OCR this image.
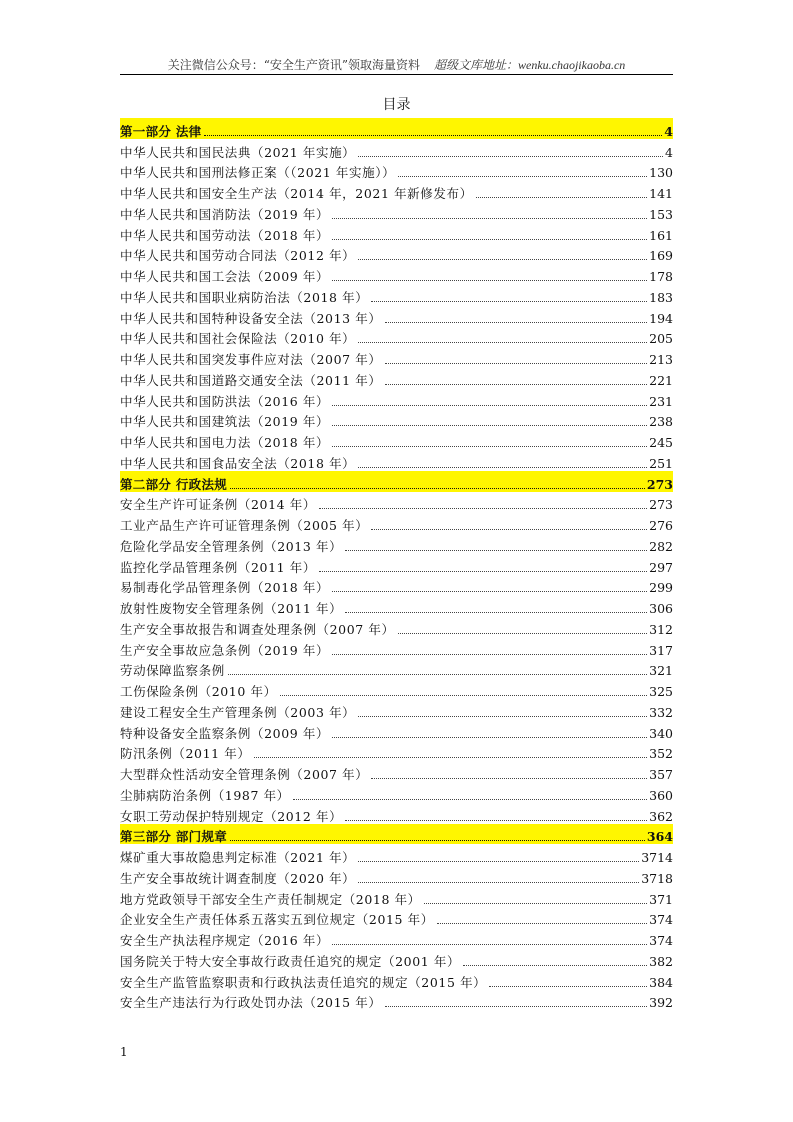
关注微信公众号：“安全生产资讯”领取海量资料 超级文库地址：wenku.chaojikaoba.cn
目录
第一部分 法律	4
中华人民共和国民法典（2021 年实施）	4
中华人民共和国刑法修正案（（2021 年实施））	130
中华人民共和国安全生产法（2014 年，2021 年新修发布）	141
中华人民共和国消防法（2019 年）	153
中华人民共和国劳动法（2018 年）	161
中华人民共和国劳动合同法（2012 年）	169
中华人民共和国工会法（2009 年）	178
中华人民共和国职业病防治法（2018 年）	183
中华人民共和国特种设备安全法（2013 年）	194
中华人民共和国社会保险法（2010 年）	205
中华人民共和国突发事件应对法（2007 年）	213
中华人民共和国道路交通安全法（2011 年）	221
中华人民共和国防洪法（2016 年）	231
中华人民共和国建筑法（2019 年）	238
中华人民共和国电力法（2018 年）	245
中华人民共和国食品安全法（2018 年）	251
第二部分 行政法规	273
安全生产许可证条例（2014 年）	273
工业产品生产许可证管理条例（2005 年）	276
危险化学品安全管理条例（2013 年）	282
监控化学品管理条例（2011 年）	297
易制毒化学品管理条例（2018 年）	299
放射性废物安全管理条例（2011 年）	306
生产安全事故报告和调查处理条例（2007 年）	312
生产安全事故应急条例（2019 年）	317
劳动保障监察条例	321
工伤保险条例（2010 年）	325
建设工程安全生产管理条例（2003 年）	332
特种设备安全监察条例（2009 年）	340
防汛条例（2011 年）	352
大型群众性活动安全管理条例（2007 年）	357
尘肺病防治条例（1987 年）	360
女职工劳动保护特别规定（2012 年）	362
第三部分 部门规章	364
煤矿重大事故隐患判定标准（2021 年）	3714
生产安全事故统计调查制度（2020 年）	3718
地方党政领导干部安全生产责任制规定（2018 年）	371
企业安全生产责任体系五落实五到位规定（2015 年）	374
安全生产执法程序规定（2016 年）	374
国务院关于特大安全事故行政责任追究的规定（2001 年）	382
安全生产监管监察职责和行政执法责任追究的规定（2015 年）	384
安全生产违法行为行政处罚办法（2015 年）	392
1
